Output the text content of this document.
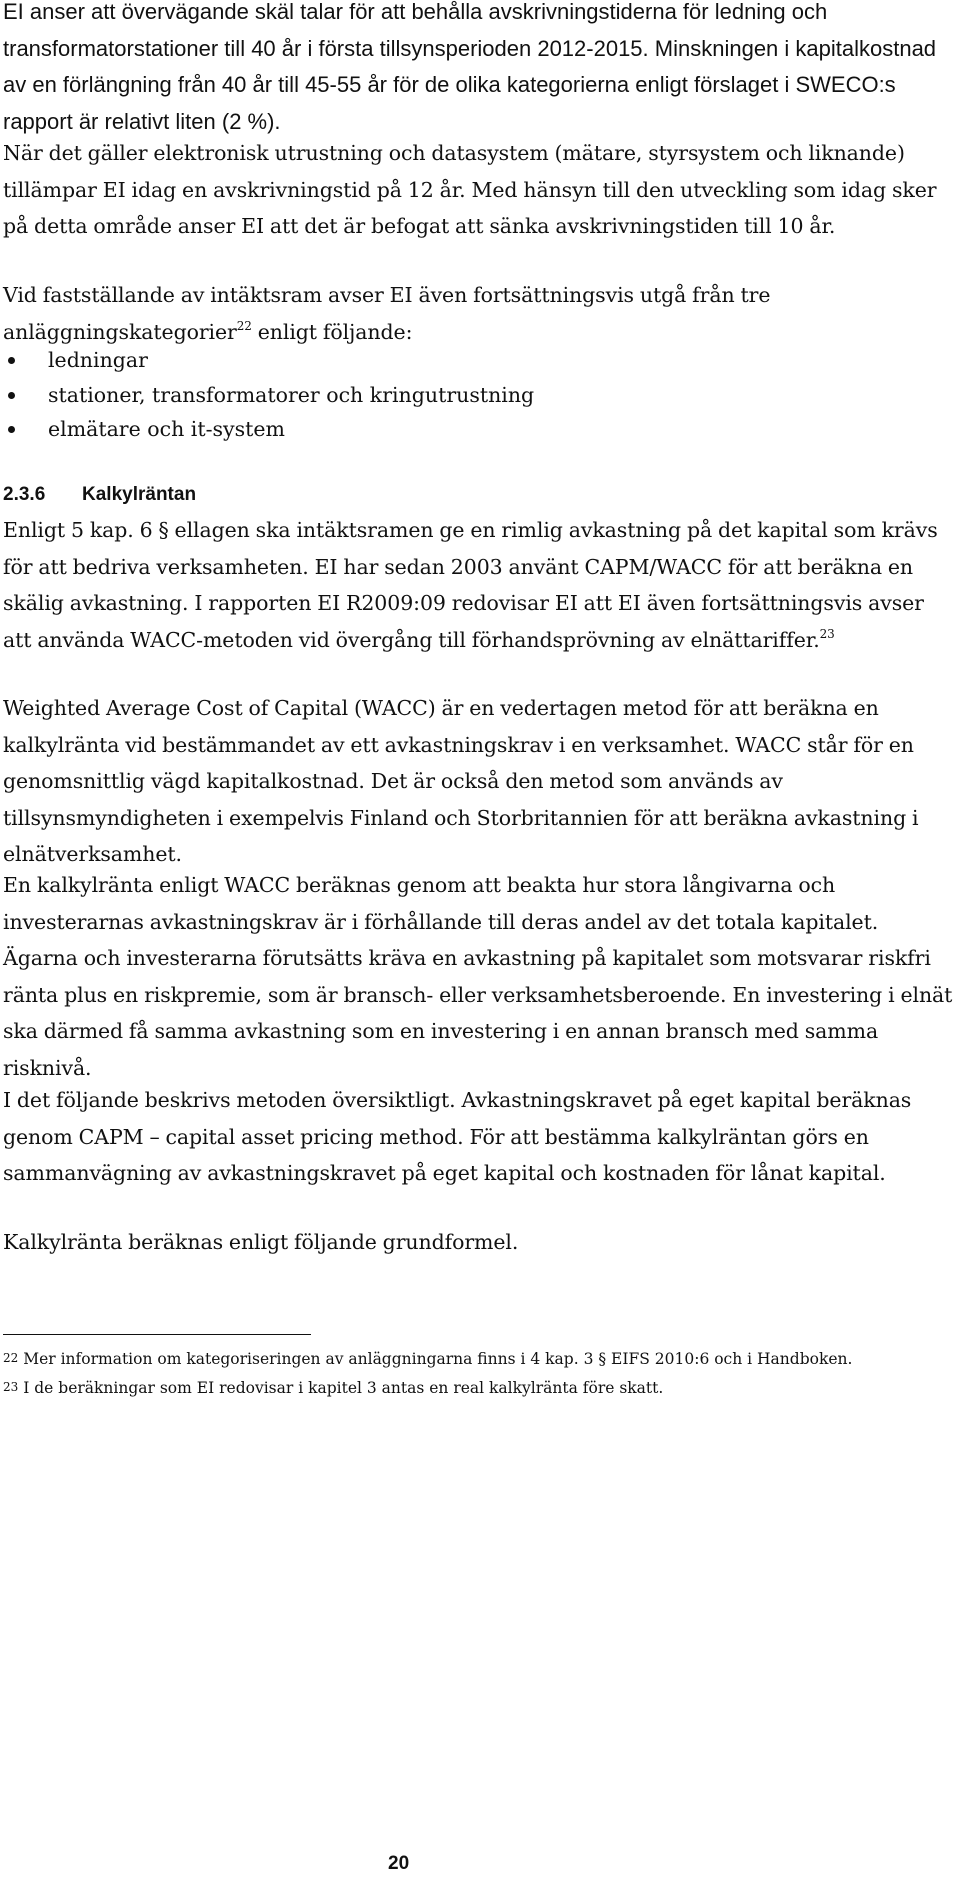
EI anser att övervägande skäl talar för att behålla avskrivningstiderna för ledning och transformatorstationer till 40 år i första tillsynsperioden 2012-2015. Minskningen i kapitalkostnad av en förlängning från 40 år till 45-55 år för de olika kategorierna enligt förslaget i SWECO:s rapport är relativt liten (2 %).

När det gäller elektronisk utrustning och datasystem (mätare, styrsystem och liknande) tillämpar EI idag en avskrivningstid på 12 år. Med hänsyn till den utveckling som idag sker på detta område anser EI att det är befogat att sänka avskrivningstiden till 10 år.

Vid fastställande av intäktsram avser EI även fortsättningsvis utgå från tre anläggningskategorier$^{22}$ enligt följande:

ledningar
stationer, transformatorer och kringutrustning
elmätare och it-system
2.3.6 Kalkylräntan

Enligt 5 kap. 6 § ellagen ska intäktsramen ge en rimlig avkastning på det kapital som krävs för att bedriva verksamheten. EI har sedan 2003 använt CAPM/WACC för att beräkna en skälig avkastning. I rapporten EI R2009:09 redovisar EI att EI även fortsättningsvis avser att använda WACC-metoden vid övergång till förhandsprövning av elnättariffer.$^{23}$

Weighted Average Cost of Capital (WACC) är en vedertagen metod för att beräkna en kalkylränta vid bestämmandet av ett avkastningskrav i en verksamhet. WACC står för en genomsnittlig vägd kapitalkostnad. Det är också den metod som används av tillsynsmyndigheten i exempelvis Finland och Storbritannien för att beräkna avkastning i elnätverksamhet.

En kalkylränta enligt WACC beräknas genom att beakta hur stora långivarna och investerarnas avkastningskrav är i förhållande till deras andel av det totala kapitalet. Ägarna och investerarna förutsätts kräva en avkastning på kapitalet som motsvarar riskfri ränta plus en riskpremie, som är bransch- eller verksamhetsberoende. En investering i elnät ska därmed få samma avkastning som en investering i en annan bransch med samma risknivå.

I det följande beskrivs metoden översiktligt. Avkastningskravet på eget kapital beräknas genom CAPM – capital asset pricing method. För att bestämma kalkylräntan görs en sammanvägning av avkastningskravet på eget kapital och kostnaden för lånat kapital.

Kalkylränta beräknas enligt följande grundformel.

$^{22}$ Mer information om kategoriseringen av anläggningarna finns i 4 kap. 3 § EIFS 2010:6 och i Handboken.

$^{23}$ I de beräkningar som EI redovisar i kapitel 3 antas en real kalkylränta före skatt.

20
